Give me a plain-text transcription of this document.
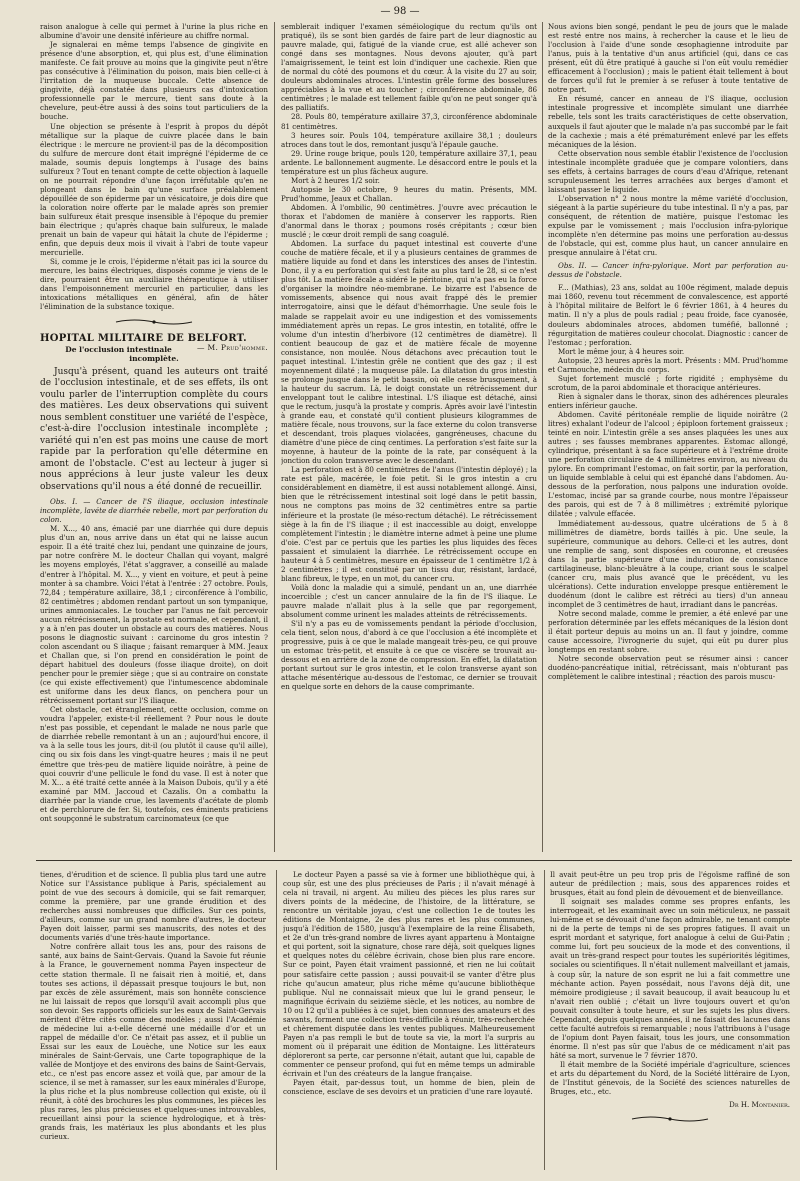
— 98 —

raison analogue à celle qui permet à l'urine la plus riche en albumine d'avoir une densité inférieure au chiffre normal.

Je signalerai en même temps l'absence de gingivite en présence d'une absorption, et, qui plus est, d'une élimination manifeste. Ce fait prouve au moins que la gingivite peut n'être pas consécutive à l'élimination du poison, mais bien celle-ci à l'irritation de la muqueuse buccale. Cette absence de gingivite, déjà constatée dans plusieurs cas d'intoxication professionnelle par le mercure, tient sans doute à la chevelure, peut-être aussi à des soins tout particuliers de la bouche.

Une objection se présente à l'esprit à propos du dépôt métallique sur la plaque de cuivre placée dans le bain électrique : le mercure ne provient-il pas de la décomposition du sulfure de mercure dont était imprégné l'épiderme de ce malade, soumis depuis longtemps à l'usage des bains sulfureux ? Tout en tenant compte de cette objection à laquelle on ne pourrait répondre d'une façon irréfutable qu'en ne plongeant dans le bain qu'une surface préalablement dépouillée de son épiderme par un vésicatoire, je dois dire que la coloration noire offerte par le malade après son premier bain sulfureux était presque insensible à l'époque du premier bain électrique ; qu'après chaque bain sulfureux, le malade prenait un bain de vapeur qui hâtait la chute de l'épiderme ; enfin, que depuis deux mois il vivait à l'abri de toute vapeur mercurielle.

Si, comme je le crois, l'épiderme n'était pas ici la source du mercure, les bains électriques, disposés comme je viens de le dire, pourraient être un auxiliaire thérapeutique à utiliser dans l'empoisonnement mercuriel en particulier, dans les intoxications métalliques en général, afin de hâter l'élimination de la substance toxique.

HOPITAL MILITAIRE DE BELFORT.
— M. Prud'homme.
De l'occlusion intestinale incomplète.

Jusqu'à présent, quand les auteurs ont traité de l'occlusion intestinale, et de ses effets, ils ont voulu parler de l'interruption complète du cours des matières. Les deux observations qui suivent nous semblent constituer une variété de l'espèce, c'est-à-dire l'occlusion intestinale incomplète ; variété qui n'en est pas moins une cause de mort rapide par la perforation qu'elle détermine en amont de l'obstacle. C'est au lecteur à juger si nous apprécions à leur juste valeur les deux observations qu'il nous a été donné de recueillir.

Obs. I. — Cancer de l'S iliaque, occlusion intestinale incomplète, lavéte de diarrhée rebelle, mort par perforation du colon.

M. X..., 40 ans, émacié par une diarrhée qui dure depuis plus d'un an, nous arrive dans un état qui ne laisse aucun espoir. Il a été traité chez lui, pendant une quinzaine de jours, par notre confrère M. le docteur Challan qui voyant, malgré les moyens employés, l'état s'aggraver, a conseillé au malade d'entrer à l'hôpital. M. X..., y vient en voiture, et peut à peine monter à sa chambre. Voici l'état à l'entrée : 27 octobre. Pouls, 72,84 ; température axillaire, 38,1 ; circonférence à l'ombilic, 82 centimètres ; abdomen rendant partout un son tympanique, urines ammoniacales. Le toucher par l'anus ne fait percevoir aucun rétrécissement, la prostate est normale, et cependant, il y a à n'en pas douter un obstacle au cours des matières. Nous posons le diagnostic suivant : carcinome du gros intestin ? colon ascendant ou S iliaque ; faisant remarquer à MM. Jeaux et Challan que, si l'on prend en considération le point de départ habituel des douleurs (fosse iliaque droite), on doit pencher pour le premier siège ; que si au contraire on constate (ce qui existe effectivement) que l'intumescence abdominale est uniforme dans les deux flancs, on penchera pour un rétrécissement portant sur l'S iliaque.

Cet obstacle, cet étranglement, cette occlusion, comme on voudra l'appeler, existe-t-il réellement ? Pour nous le doute n'est pas possible, et cependant le malade ne nous parle que de diarrhée rebelle remontant à un an ; aujourd'hui encore, il va à la selle tous les jours, dit-il (ou plutôt il cause qu'il aille), cinq ou six fois dans les vingt-quatre heures ; mais il ne peut émettre que très-peu de matière liquide noirâtre, à peine de quoi couvrir d'une pellicule le fond du vase. Il est à noter que M. X... a été traité cette année à la Maison Dubois, qu'il y a été examiné par MM. Jaccoud et Cazalis. On a combattu la diarrhée par la viande crue, les lavements d'acétate de plomb et de perchlorure de fer. Si, toutefois, ces éminents praticiens ont soupçonné le substratum carcinomateux (ce que

semblerait indiquer l'examen séméiologique du rectum qu'ils ont pratiqué), ils se sont bien gardés de faire part de leur diagnostic au pauvre malade, qui, fatigué de la viande crue, est allé achever son congé dans ses montagnes. Nous devons ajouter, qu'à part l'amaigrissement, le teint est loin d'indiquer une cachexie. Rien que de normal du côté des poumons et du cœur. À la visite du 27 au soir, douleurs abdominales atroces. L'intestin grêle forme des bosselures appréciables à la vue et au toucher ; circonférence abdominale, 86 centimètres ; le malade est tellement faible qu'on ne peut songer qu'à des palliatifs.

28. Pouls 80, température axillaire 37,3, circonférence abdominale 81 centimètres.

3 heures soir. Pouls 104, température axillaire 38,1 ; douleurs atroces dans tout le dos, remontant jusqu'à l'épaule gauche.

29. Urine rouge brique, pouls 120, température axillaire 37,1, peau ardente. Le ballonnement augmente. Le désaccord entre le pouls et la température est un plus fâcheux augure.

Mort à 2 heures 1/2 soir.

Autopsie le 30 octobre, 9 heures du matin. Présents, MM. Prud'homme, Jeaux et Challan.

Abdomen. À l'ombilic, 90 centimètres. J'ouvre avec précaution le thorax et l'abdomen de manière à conserver les rapports. Rien d'anormal dans le thorax ; poumons rosés crépitants ; cœur bien musclé ; le cœur droit rempli de sang coagulé.

Abdomen. La surface du paquet intestinal est couverte d'une couche de matière fécale, et il y a plusieurs centaines de grammes de matière liquide au fond et dans les interstices des anses de l'intestin. Donc, il y a eu perforation qui s'est faite au plus tard le 28, si ce n'est plus tôt. La matière fécale a sidéré le péritoine, qui n'a pas eu la force d'organiser la moindre néo-membrane. Le bizarre est l'absence de vomissements, absence qui nous avait frappé dès le premier interrogatoire, ainsi que le défaut d'hémorrhagie. Une seule fois le malade se rappelait avoir eu une indigestion et des vomissements immédiatement après un repas. Le gros intestin, en totalité, offre le volume d'un intestin d'herbivore (12 centimètres de diamètre). Il contient beaucoup de gaz et de matière fécale de moyenne consistance, non moulée. Nous détachons avec précaution tout le paquet intestinal. L'intestin grêle ne contient que des gaz ; il est moyennement dilaté ; la muqueuse pâle. La dilatation du gros intestin se prolonge jusque dans le petit bassin, où elle cesse brusquement, à la hauteur du sacrum. Là, le doigt constate un rétrécissement dur enveloppant tout le calibre intestinal. L'S iliaque est détaché, ainsi que le rectum, jusqu'à la prostate y compris. Après avoir lavé l'intestin à grande eau, et constaté qu'il contient plusieurs kilogrammes de matière fécale, nous trouvons, sur la face externe du colon transverse et descendant, trois plaques violacées, gangréneuses, chacune du diamètre d'une pièce de cinq centimes. La perforation s'est faite sur la moyenne, à hauteur de la pointe de la rate, par conséquent à la jonction du colon transverse avec le descendant.

La perforation est à 80 centimètres de l'anus (l'intestin déployé) ; la rate est pâle, macérée, le foie petit. Si le gros intestin a cru considérablement en diamètre, il est aussi notablement allongé. Ainsi, bien que le rétrécissement intestinal soit logé dans le petit bassin, nous ne comptons pas moins de 32 centimètres entre sa partie inférieure et la prostate (le méso-rectum détaché). Le rétrécissement siège à la fin de l'S iliaque ; il est inaccessible au doigt, enveloppe complètement l'intestin ; le diamètre interne admet à peine une plume d'oie. C'est par ce pertuis que les parties les plus liquides des fèces passaient et simulaient la diarrhée. Le rétrécissement occupe en hauteur 4 à 5 centimètres, mesure en épaisseur de 1 centimètre 1/2 à 2 centimètres ; il est constitué par un tissu dur, résistant, lardacé, blanc fibreux, le type, en un mot, du cancer cru.

Voilà donc la maladie qui a simulé, pendant un an, une diarrhée incoercible ; c'est un cancer annulaire de la fin de l'S iliaque. Le pauvre malade n'allait plus à la selle que par regorgement, absolument comme urinent les malades atteints de rétrécissements.

S'il n'y a pas eu de vomissements pendant la période d'occlusion, cela tient, selon nous, d'abord à ce que l'occlusion a été incomplète et progressive, puis à ce que le malade mangeait très-peu, ce qui prouve un estomac très-petit, et ensuite à ce que ce viscère se trouvait au-dessous et en arrière de la zone de compression. En effet, la dilatation portant surtout sur le gros intestin, et le colon transverse ayant son attache mésentérique au-dessous de l'estomac, ce dernier se trouvait en quelque sorte en dehors de la cause comprimante.

Nous avions bien songé, pendant le peu de jours que le malade est resté entre nos mains, à rechercher la cause et le lieu de l'occlusion à l'aide d'une sonde œsophagienne introduite par l'anus, puis à la tentative d'un anus artificiel (qui, dans ce cas présent, eût dû être pratiqué à gauche si l'on eût voulu remédier efficacement à l'occlusion) ; mais le patient était tellement à bout de forces qu'il fut le premier à se refuser à toute tentative de notre part.

En résumé, cancer en anneau de l'S iliaque, occlusion intestinale progressive et incomplète simulant une diarrhée rebelle, tels sont les traits caractéristiques de cette observation, auxquels il faut ajouter que le malade n'a pas succombé par le fait de la cachexie ; mais a été prématurément enlevé par les effets mécaniques de la lésion.

Cette observation nous semble établir l'existence de l'occlusion intestinale incomplète graduée que je compare volontiers, dans ses effets, à certains barrages de cours d'eau d'Afrique, retenant scrupuleusement les terres arrachées aux berges d'amont et laissant passer le liquide.

L'observation n° 2 nous montre la même variété d'occlusion, siégeant à la partie supérieure du tube intestinal. Il n'y a pas, par conséquent, de rétention de matière, puisque l'estomac les expulse par le vomissement ; mais l'occlusion infra-pylorique incomplète n'en détermine pas moins une perforation au-dessus de l'obstacle, qui est, comme plus haut, un cancer annulaire en presque annulaire à l'état cru.

Obs. II. — Cancer infra-pylorique. Mort par perforation au-dessus de l'obstacle.

F... (Mathias), 23 ans, soldat au 100e régiment, malade depuis mai 1860, revenu tout récemment de convalescence, est apporté à l'hôpital militaire de Belfort le 6 février 1861, à 4 heures du matin. Il n'y a plus de pouls radial ; peau froide, face cyanosée, douleurs abdominales atroces, abdomen tuméfié, ballonné ; régurgitation de matières couleur chocolat. Diagnostic : cancer de l'estomac ; perforation.

Mort le même jour, à 4 heures soir.

Autopsie, 23 heures après la mort. Présents : MM. Prud'homme et Carmouche, médecin du corps.

Sujet fortement musclé ; forte rigidité ; emphysème du scrotum, de la paroi abdominale et thoracique antérieures.

Rien à signaler dans le thorax, sinon des adhérences pleurales entiers inférieur gauche.

Abdomen. Cavité péritonéale remplie de liquide noirâtre (2 litres) exhalant l'odeur de l'alcool ; épiploon fortement graisseux ; teinté en noir. L'intestin grêle a ses anses plaquées les unes aux autres ; ses fausses membranes apparentes. Estomac allongé, cylindrique, présentant à sa face supérieure et à l'extrême droite une perforation circulaire de 4 millimètres environ, au niveau du pylore. En comprimant l'estomac, on fait sortir, par la perforation, un liquide semblable à celui qui est épanché dans l'abdomen. Au-dessous de la perforation, nous palpons une induration ovoïde. L'estomac, incisé par sa grande courbe, nous montre l'épaisseur des parois, qui est de 7 à 8 millimètres ; extrémité pylorique dilatée ; valvule effacée.

Immédiatement au-dessous, quatre ulcérations de 5 à 8 millimètres de diamètre, bords taillés à pic. Une seule, la supérieure, communique au dehors. Celle-ci et les autres, dont une remplie de sang, sont disposées en couronne, et creusées dans la partie supérieure d'une induration de consistance cartilagineuse, blanc-bleuâtre à la coupe, criant sous le scalpel (cancer cru, mais plus avancé que le précédent, vu les ulcérations). Cette induration enveloppe presque entièrement le duodénum (dont le calibre est rétréci au tiers) d'un anneau incomplet de 3 centimètres de haut, irradiant dans le pancréas.

Notre second malade, comme le premier, a été enlevé par une perforation déterminée par les effets mécaniques de la lésion dont il était porteur depuis au moins un an. Il faut y joindre, comme cause accessoire, l'ivrognerie du sujet, qui eût pu durer plus longtemps en restant sobre.

Notre seconde observation peut se résumer ainsi : cancer duodéno-pancréatique initial, rétrécissant, mais n'obturant pas complètement le calibre intestinal ; réaction des parois muscu-

tienes, d'érudition et de science. Il publia plus tard une autre Notice sur l'Assistance publique à Paris, spécialement au point de vue des secours à domicile, qui se fait remarquer, comme la première, par une grande érudition et des recherches aussi nombreuses que difficiles. Sur ces points, d'ailleurs, comme sur un grand nombre d'autres, le docteur Payen doit laisser, parmi ses manuscrits, des notes et des documents variés d'une très-haute importance.

Notre confrère allait tous les ans, pour des raisons de santé, aux bains de Saint-Gervais. Quand la Savoie fut réunie à la France, le gouvernement nomma Payen inspecteur de cette station thermale. Il ne faisait rien à moitié, et, dans toutes ses actions, il dépassait presque toujours le but, non par excès de zèle assurément, mais son honnête conscience ne lui laissait de repos que lorsqu'il avait accompli plus que son devoir. Ses rapports officiels sur les eaux de Saint-Gervais méritent d'être cités comme des modèles ; aussi l'Académie de médecine lui a-t-elle décerné une médaille d'or et un rappel de médaille d'or. Ce n'était pas assez, et il publie un Essai sur les eaux de Louèche, une Notice sur les eaux minérales de Saint-Gervais, une Carte topographique de la vallée de Montjoye et des environs des bains de Saint-Gervais, etc., ce n'est pas encore assez et voilà que, par amour de la science, il se met à ramasser, sur les eaux minérales d'Europe, la plus riche et la plus nombreuse collection qui existe, où il réunit, à côté des brochures les plus communes, les pièces les plus rares, les plus précieuses et quelques-unes introuvables, recueillant ainsi pour la science hydrologique, et à très-grands frais, les matériaux les plus abondants et les plus curieux.

Le docteur Payen a passé sa vie à former une bibliothèque qui, à coup sûr, est une des plus précieuses de Paris ; il n'avait ménagé à cela ni travail, ni argent. Au milieu des pièces les plus rares sur divers points de la médecine, de l'histoire, de la littérature, se rencontre un véritable joyau, c'est une collection 1e de toutes les éditions de Montaigne, 2e des plus rares et les plus communes, jusqu'à l'édition de 1580, jusqu'à l'exemplaire de la reine Élisabeth, et 2e d'un très-grand nombre de livres ayant appartenu à Montaigne et qui portent, soit la signature, chose rare déjà, soit quelques lignes et quelques notes du célèbre écrivain, chose bien plus rare encore. Sur ce point, Payen était vraiment passionné, et rien ne lui coûtait pour satisfaire cette passion ; aussi pouvait-il se vanter d'être plus riche qu'aucun amateur, plus riche même qu'aucune bibliothèque publique. Nul ne connaissait mieux que lui le grand penseur, le magnifique écrivain du seizième siècle, et les notices, au nombre de 10 ou 12 qu'il a publiées à ce sujet, bien connues des amateurs et des savants, forment une collection très-difficile à réunir, très-recherchée et chèrement disputée dans les ventes publiques. Malheureusement Payen n'a pas rempli le but de toute sa vie, la mort l'a surpris au moment où il préparait une édition de Montaigne. Les littérateurs déploreront sa perte, car personne n'était, autant que lui, capable de commenter ce penseur profond, qui fut en même temps un admirable écrivain et l'un des créateurs de la langue française.

Payen était, par-dessus tout, un homme de bien, plein de conscience, esclave de ses devoirs et un praticien d'une rare loyauté.

Il avait peut-être un peu trop pris de l'égoïsme raffiné de son auteur de prédilection ; mais, sous des apparences roides et brusques, était au fond plein de dévouement et de bienveillance.

Il soignait ses malades comme ses propres enfants, les interrogeait, et les examinait avec un soin méticuleux, ne passait lui-même et se dévouait d'une façon admirable, ne tenant compte ni de la perte de temps ni de ses propres fatigues. Il avait un esprit mordant et satyrique, fort analogue à celui de Gui-Patin ; comme lui, fort peu soucieux de la mode et des conventions, il avait un très-grand respect pour toutes les supériorités légitimes, sociales ou scientifiques. Il n'était nullement malveillant et jamais, à coup sûr, la nature de son esprit ne lui a fait commettre une méchante action. Payen possédait, nous l'avons déjà dit, une mémoire prodigieuse ; il savait beaucoup, il avait beaucoup lu et n'avait rien oublié ; c'était un livre toujours ouvert et qu'on pouvait consulter à toute heure, et sur les sujets les plus divers. Cependant, depuis quelques années, il ne faisait des lacunes dans cette faculté autrefois si remarquable ; nous l'attribuons à l'usage de l'opium dont Payen faisait, tous les jours, une consommation énorme. Il n'est pas sûr que l'abus de ce médicament n'ait pas hâté sa mort, survenue le 7 février 1870.

Il était membre de la Société impériale d'agriculture, sciences et arts du département du Nord, de la Société littéraire de Lyon, de l'Institut génevois, de la Société des sciences naturelles de Bruges, etc., etc.

Dr H. Montanier.
